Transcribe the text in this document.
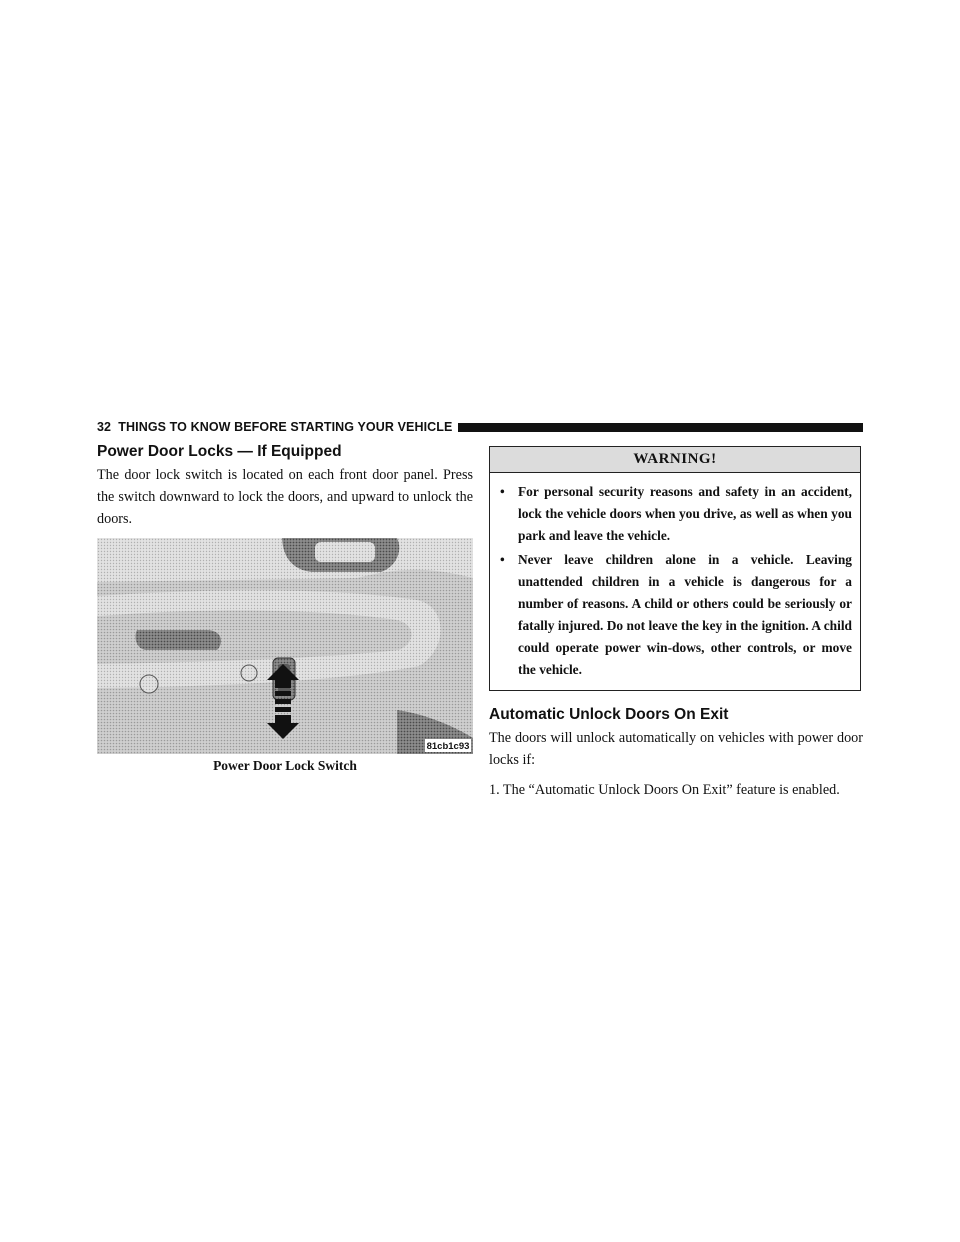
32 THINGS TO KNOW BEFORE STARTING YOUR VEHICLE
Power Door Locks — If Equipped

The door lock switch is located on each front door panel. Press the switch downward to lock the doors, and upward to unlock the doors.

81cb1c93
Power Door Lock Switch
WARNING!
• For personal security reasons and safety in an accident, lock the vehicle doors when you drive, as well as when you park and leave the vehicle.
• Never leave children alone in a vehicle. Leaving unattended children in a vehicle is dangerous for a number of reasons. A child or others could be seriously or fatally injured. Do not leave the key in the ignition. A child could operate power win-dows, other controls, or move the vehicle.
Automatic Unlock Doors On Exit

The doors will unlock automatically on vehicles with power door locks if:

1. The “Automatic Unlock Doors On Exit” feature is enabled.
